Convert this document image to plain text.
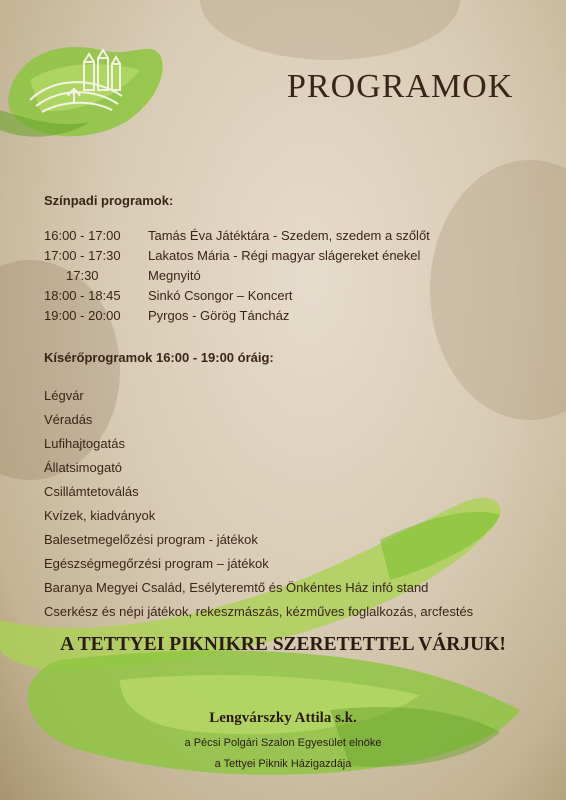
PROGRAMOK
Színpadi programok:
16:00 - 17:00 Tamás Éva Játéktára - Szedem, szedem a szőlőt
17:00 - 17:30 Lakatos Mária - Régi magyar slágereket énekel
17:30	Megnyitó
18:00 - 18:45 Sinkó Csongor – Koncert
19:00 - 20:00 Pyrgos - Görög Táncház
Kísérőprogramok 16:00 - 19:00 óráig:
Légvár
Véradás
Lufihajtogatás
Állatsimogató
Csillámtetoválás
Kvízek, kiadványok
Balesetmegelőzési program - játékok
Egészségmegőrzési program – játékok
Baranya Megyei Család, Esélyteremtő és Önkéntes Ház infó stand
Cserkész és népi játékok, rekeszmászás, kézműves foglalkozás, arcfestés
A TETTYEI PIKNIKRE SZERETETTEL VÁRJUK!
Lengvárszky Attila s.k.
a Pécsi Polgári Szalon Egyesület elnöke
a Tettyei Piknik Házigazdája
